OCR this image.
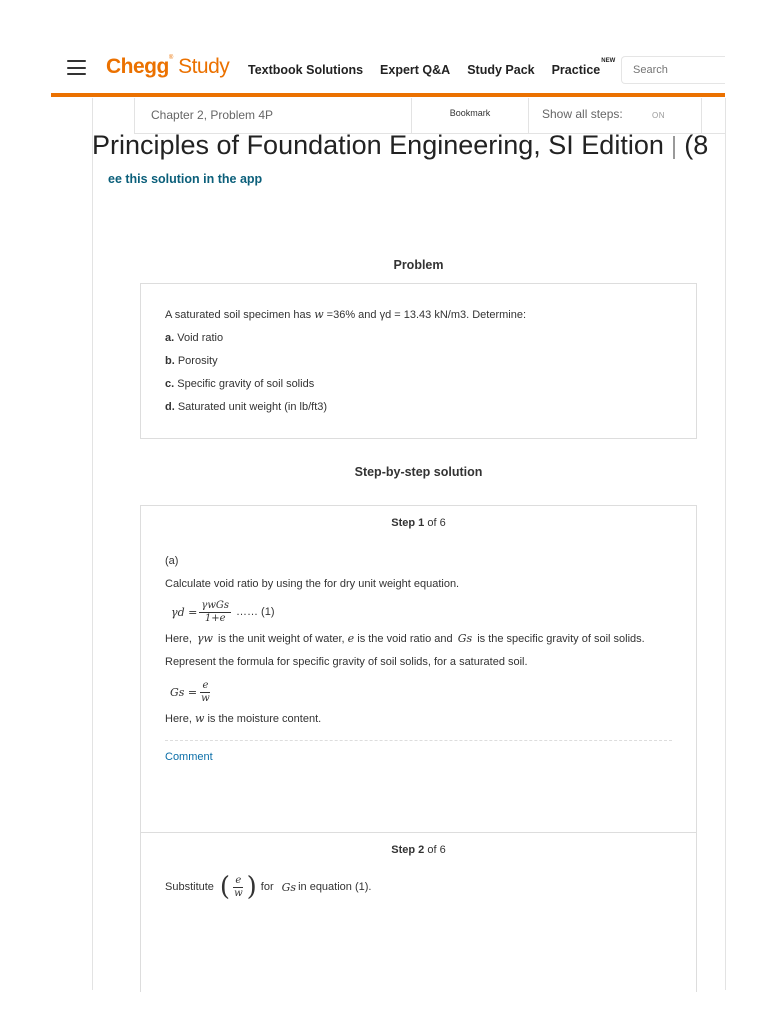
Chegg® Study Textbook Solutions Expert Q&A Study Pack Practice
NEW
Search
Chapter 2, Problem 4P	Bookmark	Show all steps:	ON
Principles of Foundation Engineering, SI Edition | (8
ee this solution in the app
Problem
A saturated soil specimen has w =36% and γd = 13.43 kN/m3. Determine:
a. Void ratio
b. Porosity
c. Specific gravity of soil solids
d. Saturated unit weight (in lb/ft3)
Step-by-step solution
Step 1 of 6
(a)
Calculate void ratio by using the for dry unit weight equation.
$\gamma d = \frac{\text{γwGs}}{1+e}$ …… (1)
Here, γw is the unit weight of water, e is the void ratio and Gs is the specific gravity of soil solids.
Represent the formula for specific gravity of soil solids, for a saturated soil.
$Gs = \frac{e}{w}$
Here, w is the moisture content.
Comment
Step 2 of 6
Substitute ( $\frac{e}{w}$ ) for Gs in equation (1).
